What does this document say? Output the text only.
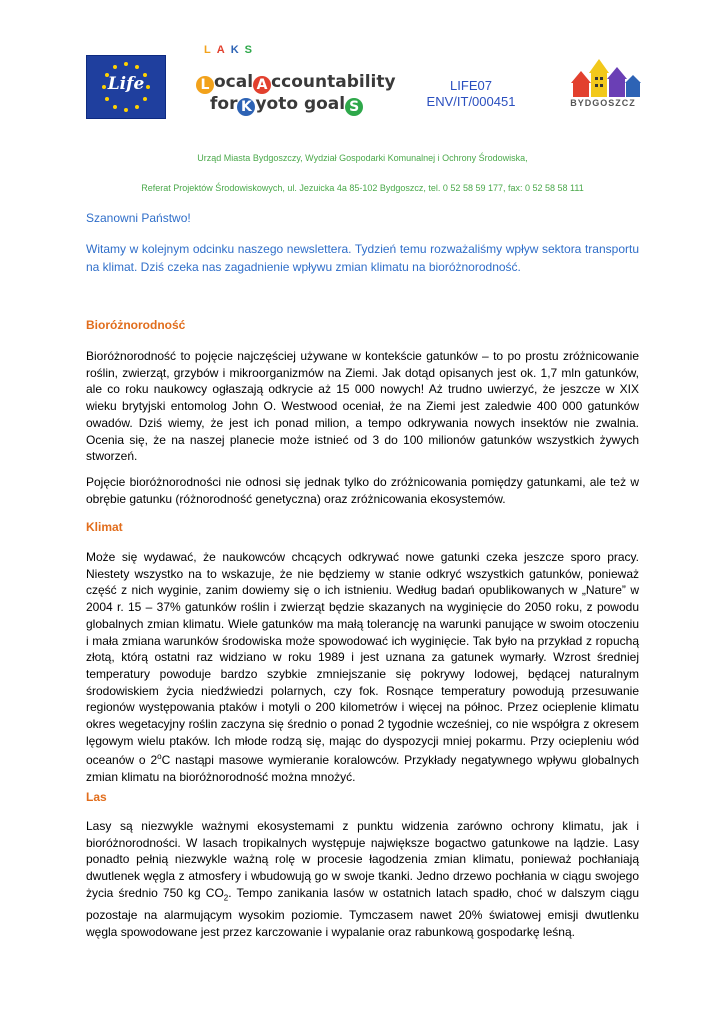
Life
LAKS
L ocal A ccountability
for K yoto goal S
LIFE07
ENV/IT/000451	BYDGOSZCZ
Urząd Miasta Bydgoszczy, Wydział Gospodarki Komunalnej i Ochrony Środowiska,
Referat Projektów Środowiskowych, ul. Jezuicka 4a 85-102 Bydgoszcz, tel. 0 52 58 59 177, fax: 0 52 58 58 111
Szanowni Państwo!
Witamy w kolejnym odcinku naszego newslettera. Tydzień temu rozważaliśmy wpływ sektora transportu na klimat. Dziś czeka nas zagadnienie wpływu zmian klimatu na bioróżnorodność.
Bioróżnorodność
Bioróżnorodność to pojęcie najczęściej używane w kontekście gatunków – to po prostu zróżnicowanie roślin, zwierząt, grzybów i mikroorganizmów na Ziemi. Jak dotąd opisanych jest ok. 1,7 mln gatunków, ale co roku naukowcy ogłaszają odkrycie aż 15 000 nowych! Aż trudno uwierzyć, że jeszcze w XIX wieku brytyjski entomolog John O. Westwood oceniał, że na Ziemi jest zaledwie 400 000 gatunków owadów. Dziś wiemy, że jest ich ponad milion, a tempo odkrywania nowych insektów nie zwalnia. Ocenia się, że na naszej planecie może istnieć od 3 do 100 milionów gatunków wszystkich żywych stworzeń.
Pojęcie bioróżnorodności nie odnosi się jednak tylko do zróżnicowania pomiędzy gatunkami, ale też w obrębie gatunku (różnorodność genetyczna) oraz zróżnicowania ekosystemów.
Klimat
Może się wydawać, że naukowców chcących odkrywać nowe gatunki czeka jeszcze sporo pracy. Niestety wszystko na to wskazuje, że nie będziemy w stanie odkryć wszystkich gatunków, ponieważ część z nich wyginie, zanim dowiemy się o ich istnieniu. Według badań opublikowanych w „Nature” w 2004 r. 15 – 37% gatunków roślin i zwierząt będzie skazanych na wyginięcie do 2050 roku, z powodu globalnych zmian klimatu. Wiele gatunków ma małą tolerancję na warunki panujące w swoim otoczeniu i mała zmiana warunków środowiska może spowodować ich wyginięcie. Tak było na przykład z ropuchą złotą, którą ostatni raz widziano w roku 1989 i jest uznana za gatunek wymarły. Wzrost średniej temperatury powoduje bardzo szybkie zmniejszanie się pokrywy lodowej, będącej naturalnym środowiskiem życia niedźwiedzi polarnych, czy fok. Rosnące temperatury powodują przesuwanie regionów występowania ptaków i motyli o 200 kilometrów i więcej na północ. Przez ocieplenie klimatu okres wegetacyjny roślin zaczyna się średnio o ponad 2 tygodnie wcześniej, co nie współgra z okresem lęgowym wielu ptaków. Ich młode rodzą się, mając do dyspozycji mniej pokarmu. Przy ociepleniu wód oceanów o 2$^o$C nastąpi masowe wymieranie koralowców. Przykłady negatywnego wpływu globalnych zmian klimatu na bioróżnorodność można mnożyć.
Las
Lasy są niezwykle ważnymi ekosystemami z punktu widzenia zarówno ochrony klimatu, jak i bioróżnorodności. W lasach tropikalnych występuje największe bogactwo gatunkowe na lądzie. Lasy ponadto pełnią niezwykle ważną rolę w procesie łagodzenia zmian klimatu, ponieważ pochłaniają dwutlenek węgla z atmosfery i wbudowują go w swoje tkanki. Jedno drzewo pochłania w ciągu swojego życia średnio 750 kg $CO_2$. Tempo zanikania lasów w ostatnich latach spadło, choć w dalszym ciągu pozostaje na alarmującym wysokim poziomie. Tymczasem nawet 20% światowej emisji dwutlenku węgla spowodowane jest przez karczowanie i wypalanie oraz rabunkową gospodarkę leśną.
